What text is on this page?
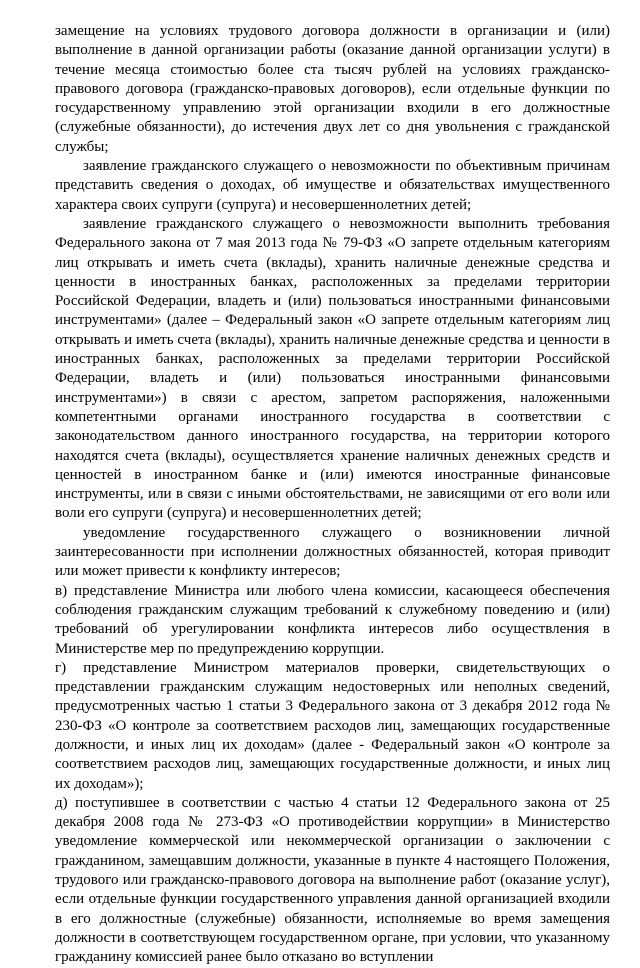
замещение на условиях трудового договора должности в организации и (или) выполнение в данной организации работы (оказание данной организации услуги) в течение месяца стоимостью более ста тысяч рублей на условиях гражданско-правового договора (гражданско-правовых договоров), если отдельные функции по государственному управлению этой организации входили в его должностные (служебные обязанности), до истечения двух лет со дня увольнения с гражданской службы;

заявление гражданского служащего о невозможности по объективным причинам представить сведения о доходах, об имуществе и обязательствах имущественного характера своих супруги (супруга) и несовершеннолетних детей;

заявление гражданского служащего о невозможности выполнить требования Федерального закона от 7 мая 2013 года № 79-ФЗ «О запрете отдельным категориям лиц открывать и иметь счета (вклады), хранить наличные денежные средства и ценности в иностранных банках, расположенных за пределами территории Российской Федерации, владеть и (или) пользоваться иностранными финансовыми инструментами» (далее – Федеральный закон «О запрете отдельным категориям лиц открывать и иметь счета (вклады), хранить наличные денежные средства и ценности в иностранных банках, расположенных за пределами территории Российской Федерации, владеть и (или) пользоваться иностранными финансовыми инструментами») в связи с арестом, запретом распоряжения, наложенными компетентными органами иностранного государства в соответствии с законодательством данного иностранного государства, на территории которого находятся счета (вклады), осуществляется хранение наличных денежных средств и ценностей в иностранном банке и (или) имеются иностранные финансовые инструменты, или в связи с иными обстоятельствами, не зависящими от его воли или воли его супруги (супруга) и несовершеннолетних детей;

уведомление государственного служащего о возникновении личной заинтересованности при исполнении должностных обязанностей, которая приводит или может привести к конфликту интересов;

в) представление Министра или любого члена комиссии, касающееся обеспечения соблюдения гражданским служащим требований к служебному поведению и (или) требований об урегулировании конфликта интересов либо осуществления в Министерстве мер по предупреждению коррупции.

г) представление Министром материалов проверки, свидетельствующих о представлении гражданским служащим недостоверных или неполных сведений, предусмотренных частью 1 статьи 3 Федерального закона от 3 декабря 2012 года № 230-ФЗ «О контроле за соответствием расходов лиц, замещающих государственные должности, и иных лиц их доходам» (далее - Федеральный закон «О контроле за соответствием расходов лиц, замещающих государственные должности, и иных лиц их доходам»);

д) поступившее в соответствии с частью 4 статьи 12 Федерального закона от 25 декабря 2008 года № 273-ФЗ «О противодействии коррупции» в Министерство уведомление коммерческой или некоммерческой организации о заключении с гражданином, замещавшим должности, указанные в пункте 4 настоящего Положения, трудового или гражданско-правового договора на выполнение работ (оказание услуг), если отдельные функции государственного управления данной организацией входили в его должностные (служебные) обязанности, исполняемые во время замещения должности в соответствующем государственном органе, при условии, что указанному гражданину комиссией ранее было отказано во вступлении
